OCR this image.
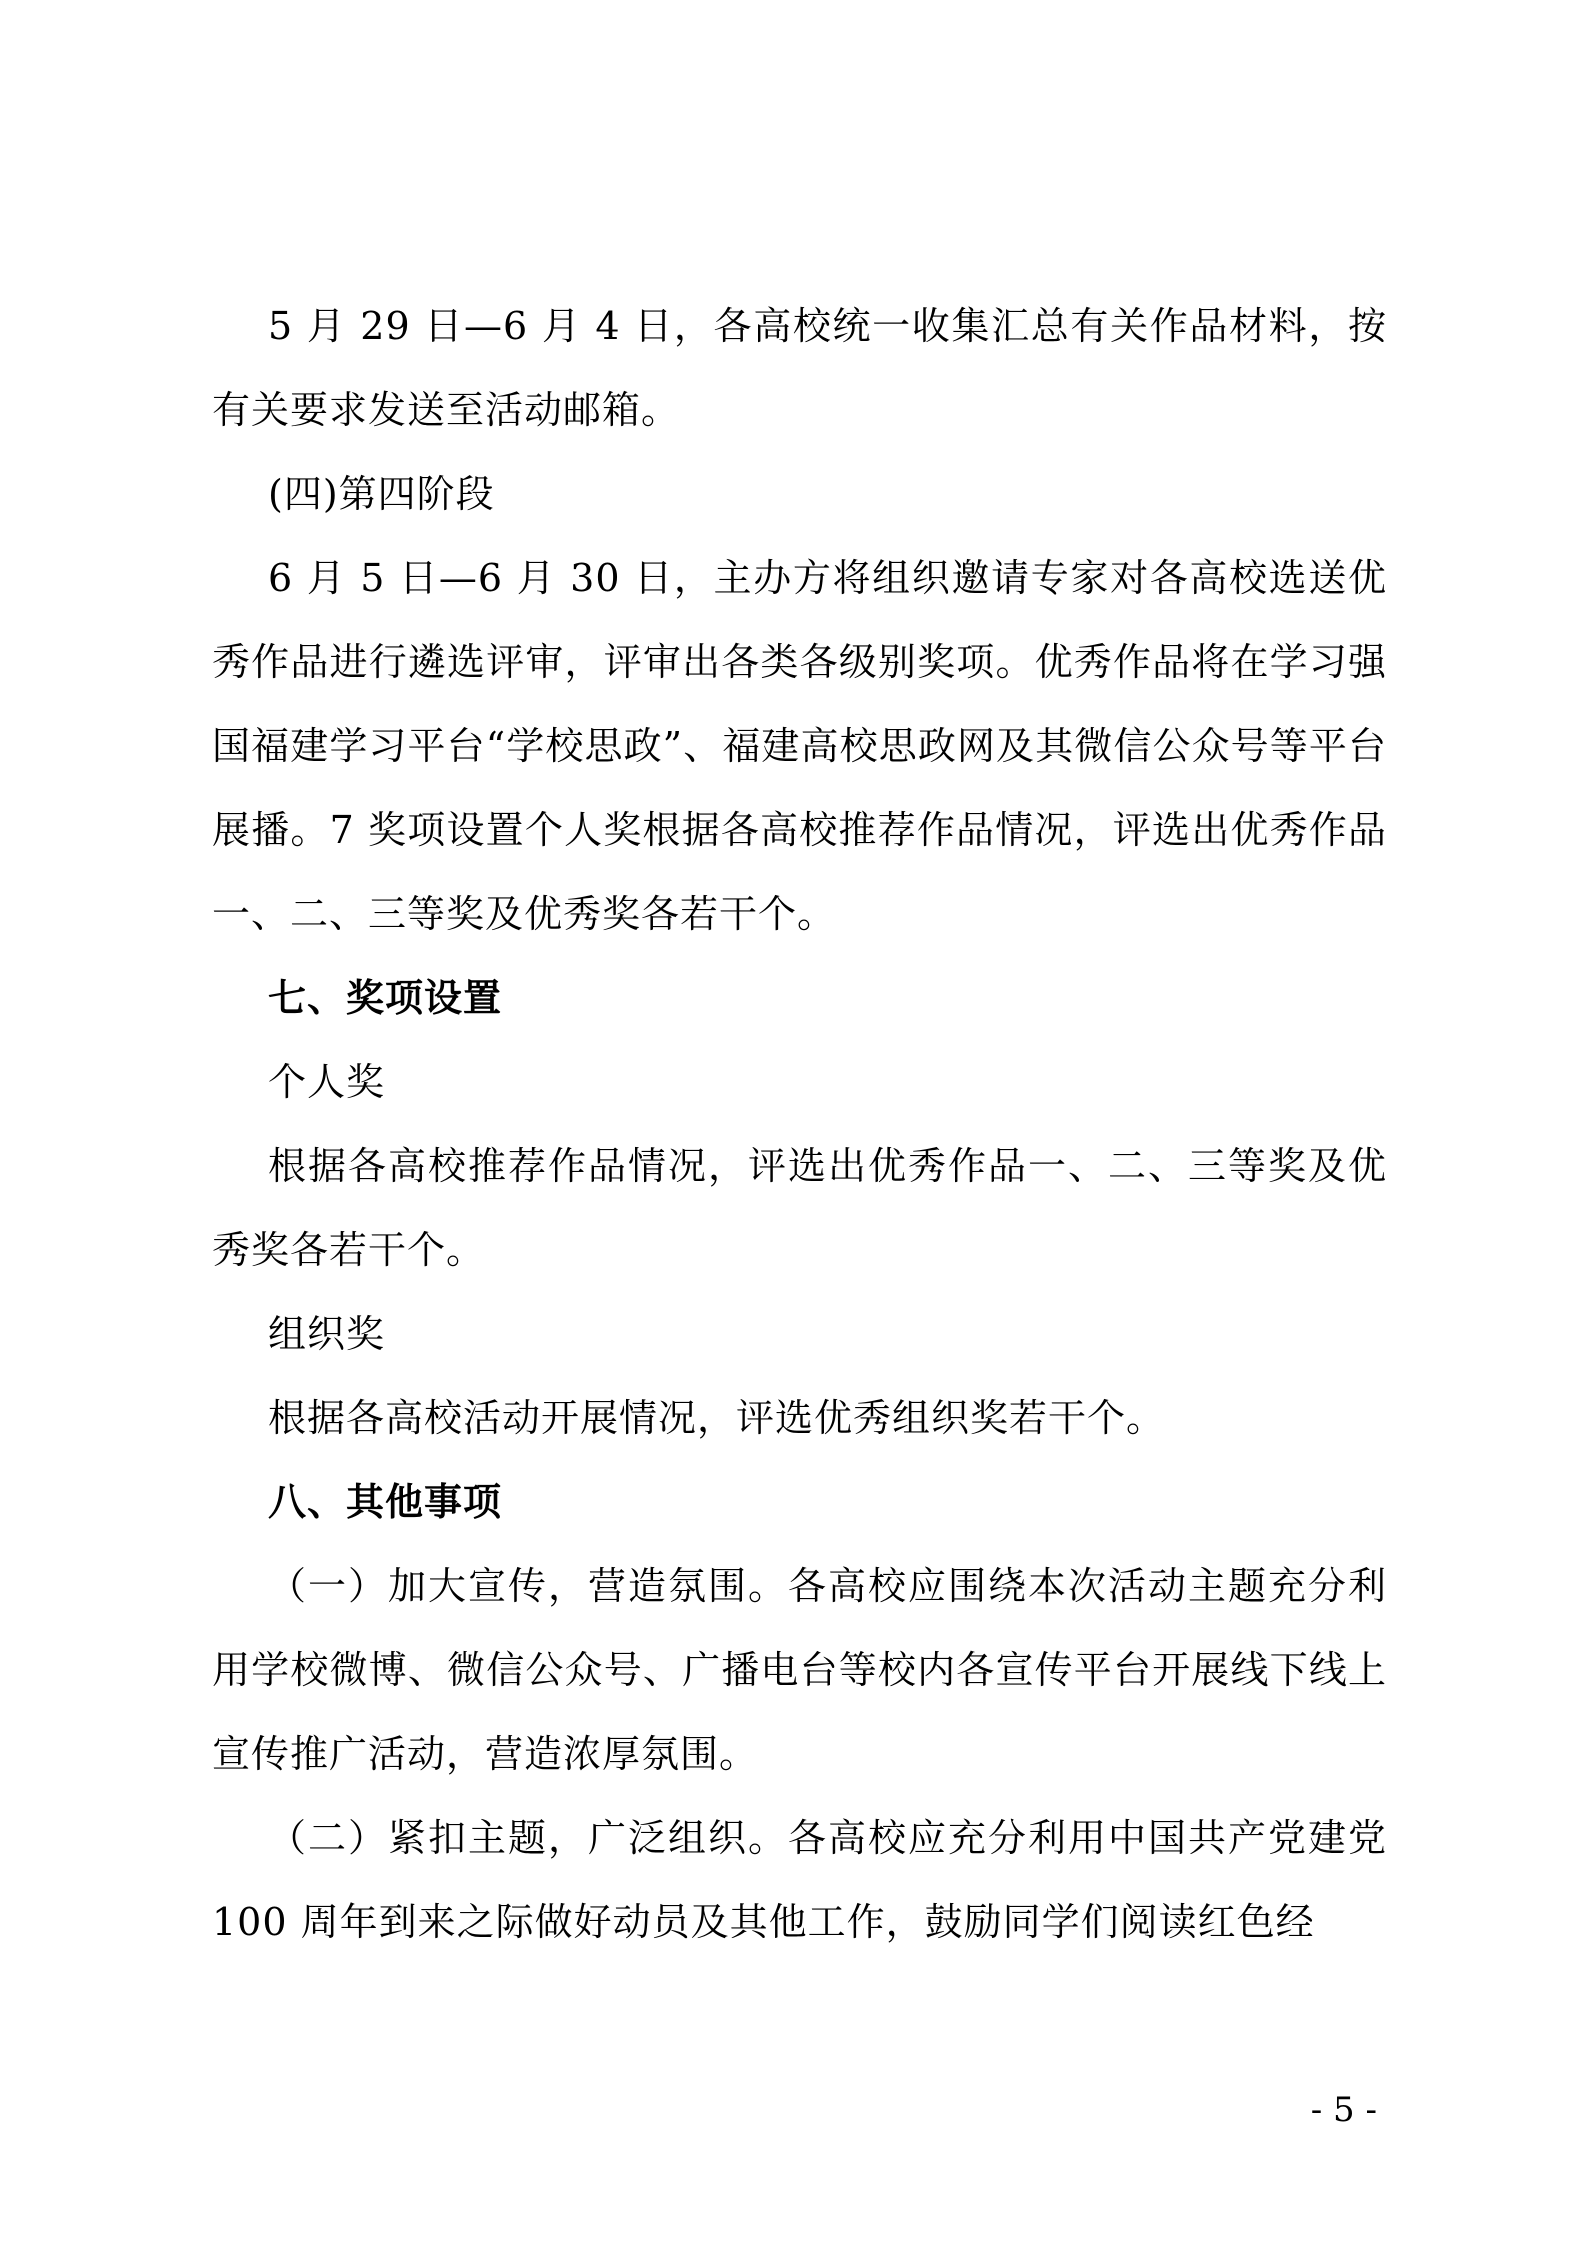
5 月 29 日—6 月 4 日，各高校统一收集汇总有关作品材料，按有关要求发送至活动邮箱。

(四)第四阶段

6 月 5 日—6 月 30 日，主办方将组织邀请专家对各高校选送优秀作品进行遴选评审，评审出各类各级别奖项。优秀作品将在学习强国福建学习平台“学校思政”、福建高校思政网及其微信公众号等平台展播。7 奖项设置个人奖根据各高校推荐作品情况，评选出优秀作品一、二、三等奖及优秀奖各若干个。

七、奖项设置

个人奖

根据各高校推荐作品情况，评选出优秀作品一、二、三等奖及优秀奖各若干个。

组织奖

根据各高校活动开展情况，评选优秀组织奖若干个。

八、其他事项

（一）加大宣传，营造氛围。各高校应围绕本次活动主题充分利用学校微博、微信公众号、广播电台等校内各宣传平台开展线下线上宣传推广活动，营造浓厚氛围。

（二）紧扣主题，广泛组织。各高校应充分利用中国共产党建党 100 周年到来之际做好动员及其他工作，鼓励同学们阅读红色经

- 5 -
